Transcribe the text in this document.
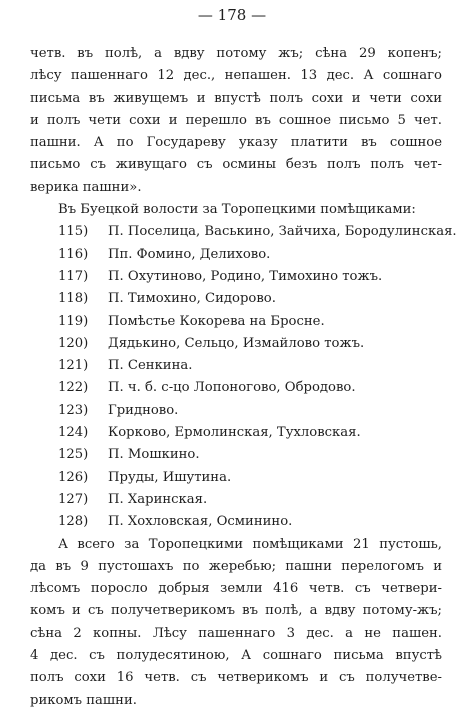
— 178 —

четв. въ полѣ, а вдву потому жъ; сѣна 29 копенъ;

лѣсу пашеннаго 12 дес., непашен. 13 дес. А сошнаго

письма въ живущемъ и впустѣ полъ сохи и чети сохи

и полъ чети сохи и перешло въ сошное письмо 5 чет.

пашни. А по Государеву указу платити въ сошное

письмо съ живущаго съ осмины безъ полъ полъ чет-

верика пашни».

Въ Буецкой волости за Торопецкими помѣщиками:

115) П. Поселица, Васькино, Зайчиха, Бородулинская.
116) Пп. Фомино, Делихово.
117) П. Охутиново, Родино, Тимохино тожъ.
118) П. Тимохино, Сидорово.
119) Помѣстье Кокорева на Бросне.
120) Дядькино, Сельцо, Измайлово тожъ.
121) П. Сенкина.
122) П. ч. б. с-цо Лопоногово, Обродово.
123) Гридново.
124) Корково, Ермолинская, Тухловская.
125) П. Мошкино.
126) Пруды, Ишутина.
127) П. Харинская.
128) П. Хохловская, Осминино.

А всего за Торопецкими помѣщиками 21 пустошь,

да въ 9 пустошахъ по жеребью; пашни перелогомъ и

лѣсомъ поросло добрыя земли 416 четв. съ четвери-

комъ и съ получетверикомъ въ полѣ, а вдву потому-жъ;

сѣна 2 копны. Лѣсу пашеннаго 3 дес. а не пашен.

4 дес. съ полудесятиною, А сошнаго письма впустѣ

полъ сохи 16 четв. съ четверикомъ и съ получетве-

рикомъ пашни.
